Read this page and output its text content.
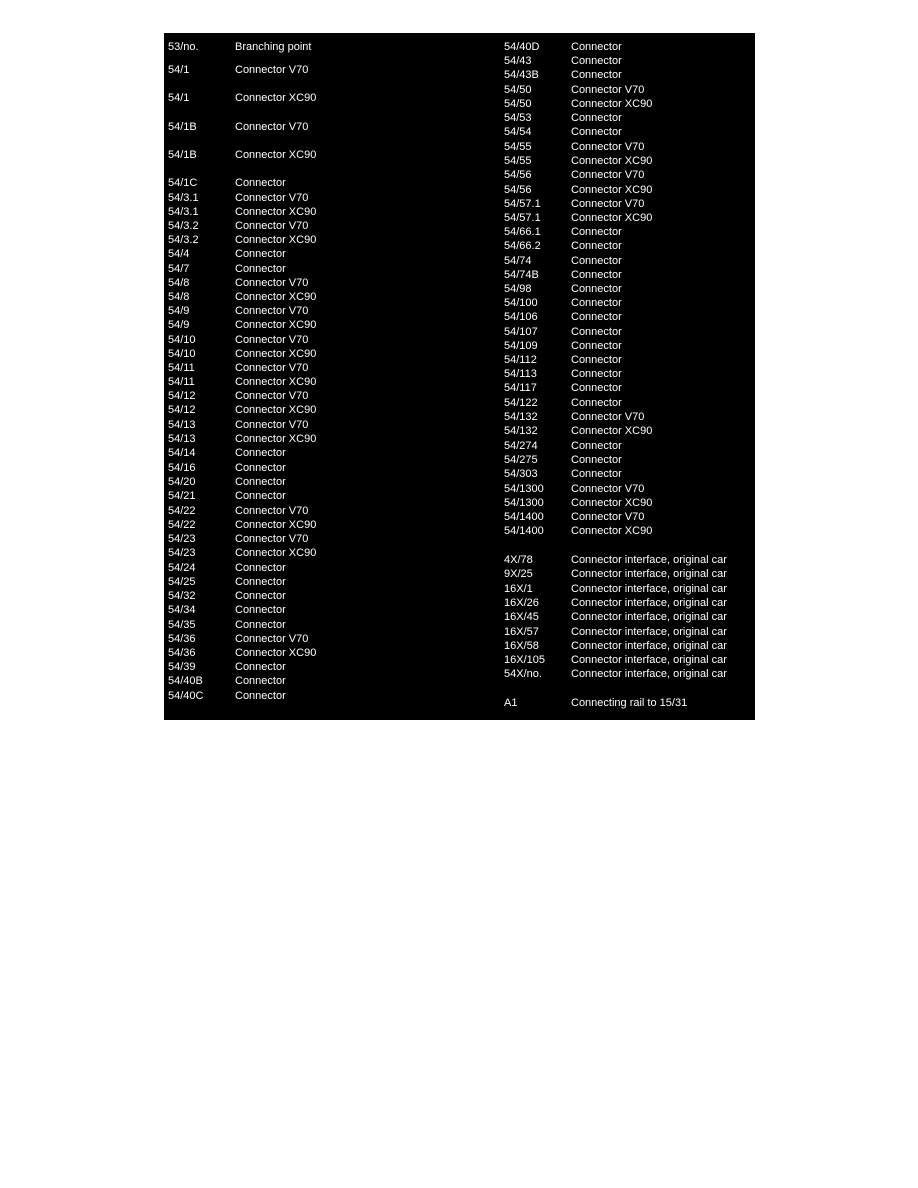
53/no.	Branching point
54/1	Connector V70
54/1	Connector XC90
54/1B	Connector V70
54/1B	Connector XC90
54/1C	Connector
54/3.1	Connector V70
54/3.1	Connector XC90
54/3.2	Connector V70
54/3.2	Connector XC90
54/4	Connector
54/7	Connector
54/8	Connector V70
54/8	Connector XC90
54/9	Connector V70
54/9	Connector XC90
54/10	Connector V70
54/10	Connector XC90
54/11	Connector V70
54/11	Connector XC90
54/12	Connector V70
54/12	Connector XC90
54/13	Connector V70
54/13	Connector XC90
54/14	Connector
54/16	Connector
54/20	Connector
54/21	Connector
54/22	Connector V70
54/22	Connector XC90
54/23	Connector V70
54/23	Connector XC90
54/24	Connector
54/25	Connector
54/32	Connector
54/34	Connector
54/35	Connector
54/36	Connector V70
54/36	Connector XC90
54/39	Connector
54/40B	Connector
54/40C	Connector
54/40D	Connector
54/43	Connector
54/43B	Connector
54/50	Connector V70
54/50	Connector XC90
54/53	Connector
54/54	Connector
54/55	Connector V70
54/55	Connector XC90
54/56	Connector V70
54/56	Connector XC90
54/57.1	Connector V70
54/57.1	Connector XC90
54/66.1	Connector
54/66.2	Connector
54/74	Connector
54/74B	Connector
54/98	Connector
54/100	Connector
54/106	Connector
54/107	Connector
54/109	Connector
54/112	Connector
54/113	Connector
54/117	Connector
54/122	Connector
54/132	Connector V70
54/132	Connector XC90
54/274	Connector
54/275	Connector
54/303	Connector
54/1300 Connector V70
54/1300 Connector XC90
54/1400 Connector V70
54/1400 Connector XC90
4X/78	Connector interface, original car
9X/25	Connector interface, original car
16X/1	Connector interface, original car
16X/26	Connector interface, original car
16X/45	Connector interface, original car
16X/57	Connector interface, original car
16X/58	Connector interface, original car
16X/105 Connector interface, original car
54X/no.	Connector interface, original car
A1	Connecting rail to 15/31
